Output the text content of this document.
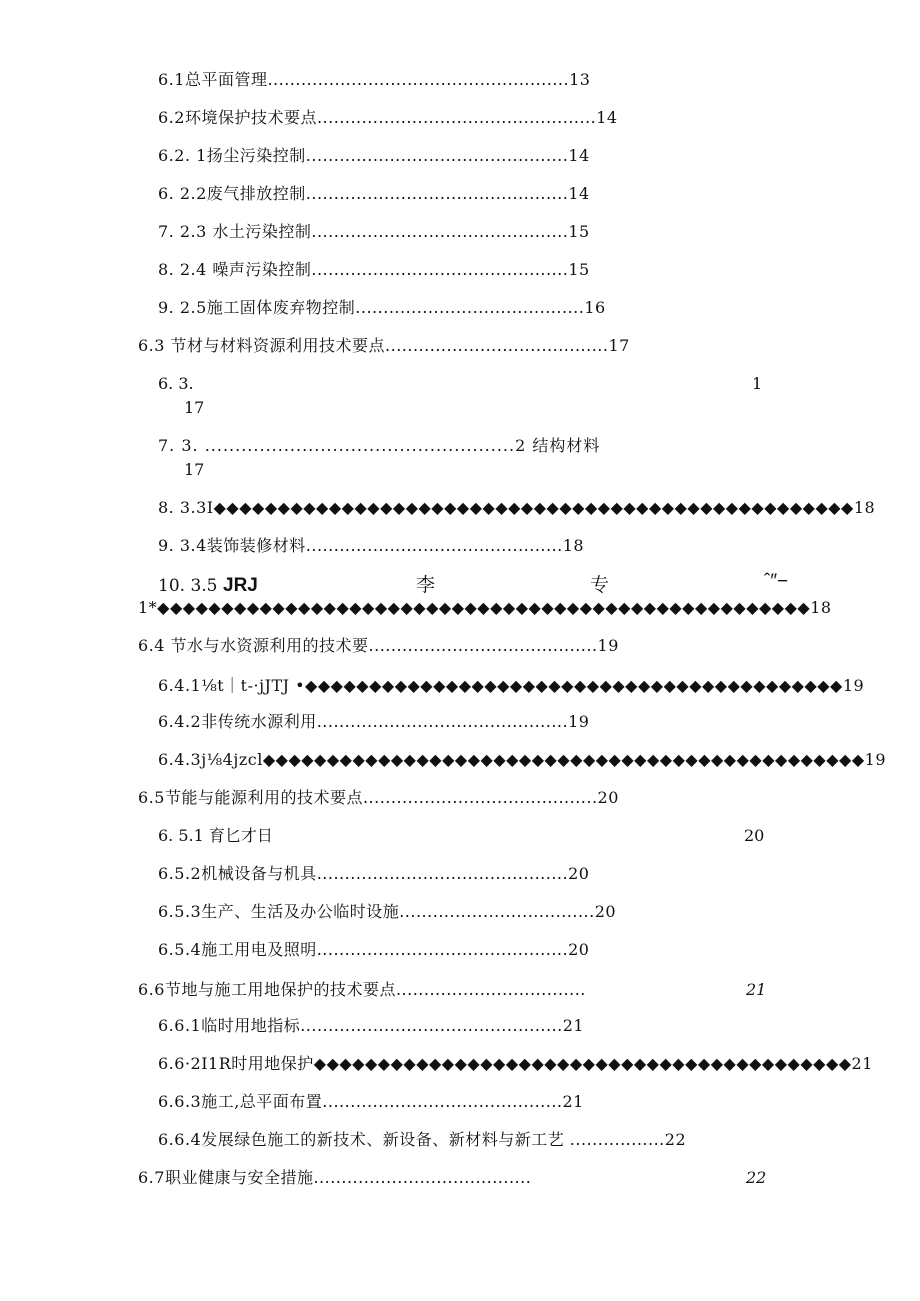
6.1总平面管理......................................................13
6.2环境保护技术要点..................................................14
6.2. 1扬尘污染控制...............................................14
6. 2.2废气排放控制...............................................14
7. 2.3 水土污染控制..............................................15
8. 2.4 噪声污染控制..............................................15
9. 2.5施工固体废弃物控制.........................................16
6.3 节材与材料资源利用技术要点........................................17
6. 3.	1
17
7. 3. ...................................................2 结构材料
17
8. 3.3I◆◆◆◆◆◆◆◆◆◆◆◆◆◆◆◆◆◆◆◆◆◆◆◆◆◆◆◆◆◆◆◆◆◆◆◆◆◆◆◆◆◆◆◆◆◆◆◆◆◆18
9. 3.4装饰装修材料..............................................18
10. 3.5 JRJ	李	专	ˆ″−
1*◆◆◆◆◆◆◆◆◆◆◆◆◆◆◆◆◆◆◆◆◆◆◆◆◆◆◆◆◆◆◆◆◆◆◆◆◆◆◆◆◆◆◆◆◆◆◆◆◆◆◆18
6.4 节水与水资源利用的技术要.........................................19
6.4.1⅛t｜t-·jJTJ •◆◆◆◆◆◆◆◆◆◆◆◆◆◆◆◆◆◆◆◆◆◆◆◆◆◆◆◆◆◆◆◆◆◆◆◆◆◆◆◆◆◆19
6.4.2非传统水源利用.............................................19
6.4.3j⅛4jzcl◆◆◆◆◆◆◆◆◆◆◆◆◆◆◆◆◆◆◆◆◆◆◆◆◆◆◆◆◆◆◆◆◆◆◆◆◆◆◆◆◆◆◆◆◆◆◆19
6.5节能与能源利用的技术要点..........................................20
6. 5.1 育匕才日	20
6.5.2机械设备与机具.............................................20
6.5.3生产、生活及办公临时设施...................................20
6.5.4施工用电及照明.............................................20
6.6节地与施工用地保护的技术要点..................................	21
6.6.1临时用地指标...............................................21
6.6·2I1R时用地保护◆◆◆◆◆◆◆◆◆◆◆◆◆◆◆◆◆◆◆◆◆◆◆◆◆◆◆◆◆◆◆◆◆◆◆◆◆◆◆◆◆◆21
6.6.3施工,总平面布置...........................................21
6.6.4发展绿色施工的新技术、新设备、新材料与新工艺 .................22
6.7职业健康与安全措施.......................................	22
